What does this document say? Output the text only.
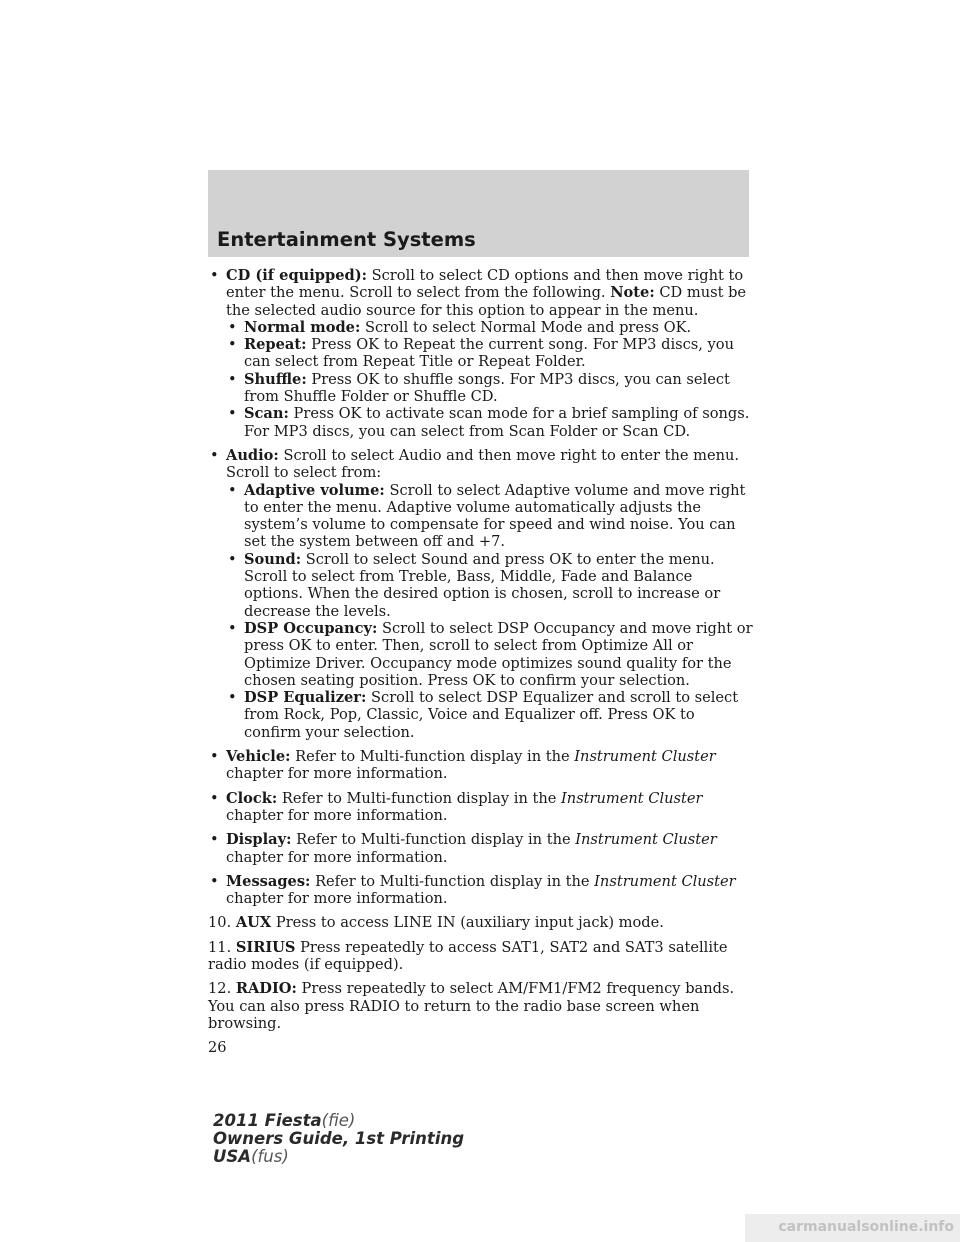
Entertainment Systems
• CD (if equipped): Scroll to select CD options and then move right to enter the menu. Scroll to select from the following. Note: CD must be the selected audio source for this option to appear in the menu.
• Normal mode: Scroll to select Normal Mode and press OK.
• Repeat: Press OK to Repeat the current song. For MP3 discs, you can select from Repeat Title or Repeat Folder.
• Shuffle: Press OK to shuffle songs. For MP3 discs, you can select from Shuffle Folder or Shuffle CD.
• Scan: Press OK to activate scan mode for a brief sampling of songs. For MP3 discs, you can select from Scan Folder or Scan CD.
• Audio: Scroll to select Audio and then move right to enter the menu. Scroll to select from:
• Adaptive volume: Scroll to select Adaptive volume and move right to enter the menu. Adaptive volume automatically adjusts the system’s volume to compensate for speed and wind noise. You can set the system between off and +7.
• Sound: Scroll to select Sound and press OK to enter the menu. Scroll to select from Treble, Bass, Middle, Fade and Balance options. When the desired option is chosen, scroll to increase or decrease the levels.
• DSP Occupancy: Scroll to select DSP Occupancy and move right or press OK to enter. Then, scroll to select from Optimize All or Optimize Driver. Occupancy mode optimizes sound quality for the chosen seating position. Press OK to confirm your selection.
• DSP Equalizer: Scroll to select DSP Equalizer and scroll to select from Rock, Pop, Classic, Voice and Equalizer off. Press OK to confirm your selection.
• Vehicle: Refer to Multi-function display in the Instrument Cluster chapter for more information.
• Clock: Refer to Multi-function display in the Instrument Cluster chapter for more information.
• Display: Refer to Multi-function display in the Instrument Cluster chapter for more information.
• Messages: Refer to Multi-function display in the Instrument Cluster chapter for more information.

10. AUX Press to access LINE IN (auxiliary input jack) mode.

11. SIRIUS Press repeatedly to access SAT1, SAT2 and SAT3 satellite radio modes (if equipped).

12. RADIO: Press repeatedly to select AM/FM1/FM2 frequency bands. You can also press RADIO to return to the radio base screen when browsing.

26
2011 Fiesta(fie)
Owners Guide, 1st Printing
USA(fus)
carmanualsonline.info
